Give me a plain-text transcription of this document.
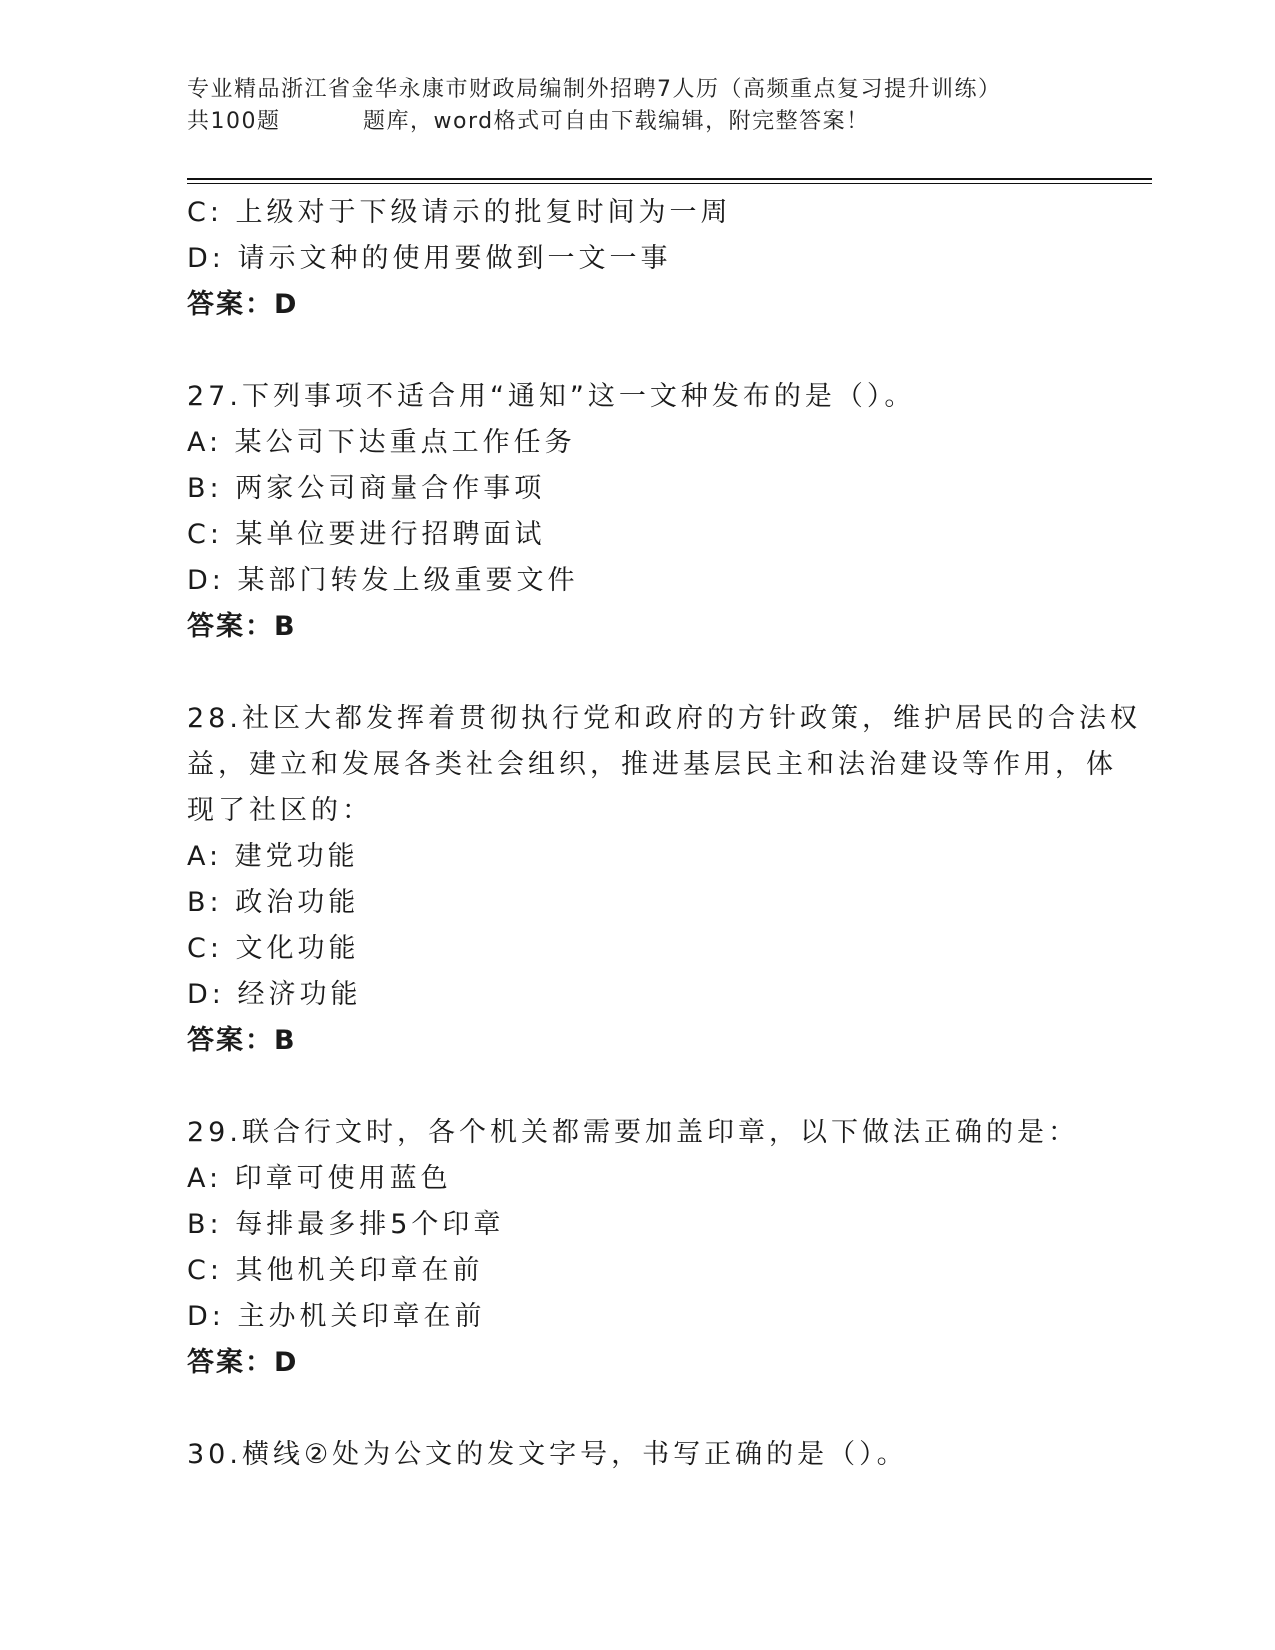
专业精品浙江省金华永康市财政局编制外招聘7人历（高频重点复习提升训练）
共100题	题库，word格式可自由下载编辑，附完整答案！
C: 上级对于下级请示的批复时间为一周
D: 请示文种的使用要做到一文一事
答案：D
27.下列事项不适合用“通知”这一文种发布的是（）。
A: 某公司下达重点工作任务
B: 两家公司商量合作事项
C: 某单位要进行招聘面试
D: 某部门转发上级重要文件
答案：B
28.社区大都发挥着贯彻执行党和政府的方针政策，维护居民的合法权
益，建立和发展各类社会组织，推进基层民主和法治建设等作用，体
现了社区的：
A: 建党功能
B: 政治功能
C: 文化功能
D: 经济功能
答案：B
29.联合行文时，各个机关都需要加盖印章，以下做法正确的是：
A: 印章可使用蓝色
B: 每排最多排5个印章
C: 其他机关印章在前
D: 主办机关印章在前
答案：D
30.横线②处为公文的发文字号，书写正确的是（）。
